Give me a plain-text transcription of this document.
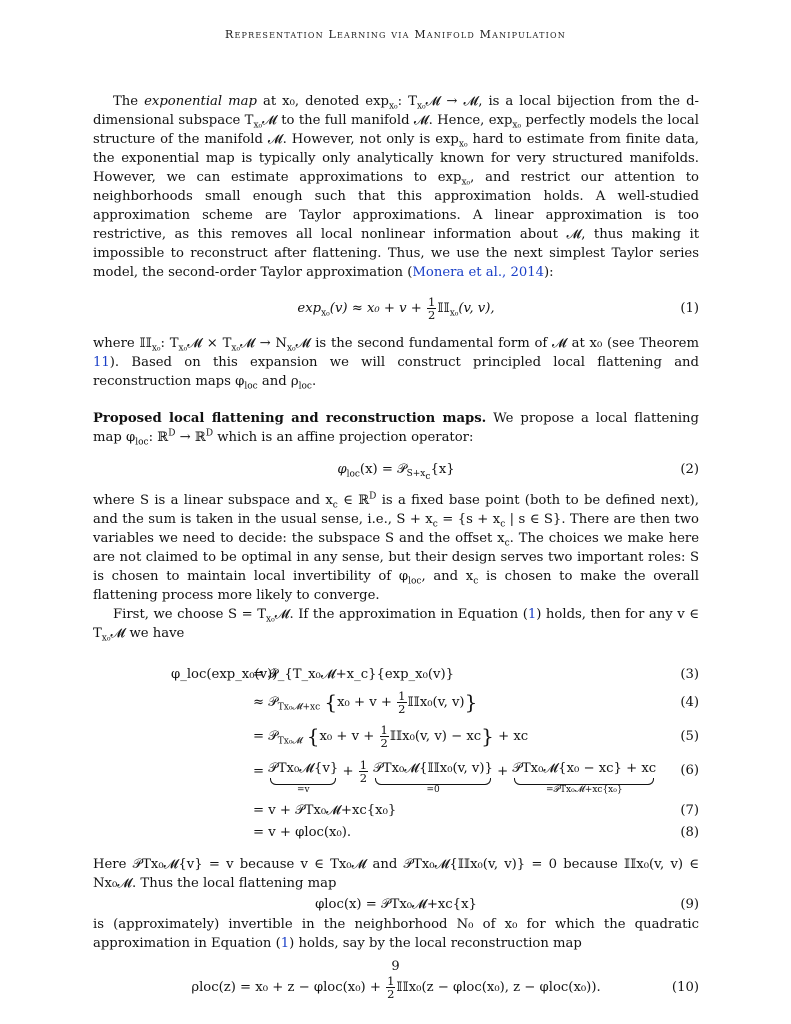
Representation Learning via Manifold Manipulation

The exponential map at x₀, denoted $\exp_{x_0}$: $T_{x_0}𝓜$ → 𝓜, is a local bijection from the d-dimensional subspace $T_{x_0}𝓜$ to the full manifold 𝓜. Hence, $\exp_{x_0}$ perfectly models the local structure of the manifold 𝓜. However, not only is $\exp_{x_0}$ hard to estimate from finite data, the exponential map is typically only analytically known for very structured manifolds. However, we can estimate approximations to $\exp_{x_0}$, and restrict our attention to neighborhoods small enough such that this approximation holds. A well-studied approximation scheme are Taylor approximations. A linear approximation is too restrictive, as this removes all local nonlinear information about 𝓜, thus making it impossible to reconstruct after flattening. Thus, we use the next simplest Taylor series model, the second-order Taylor approximation (Monera et al., 2014):

$\exp_{x_0}(v) \approx x_0 + v + \frac{1}{2}$ 𝕀𝕀$_{x_0}$(v, v),	(1)

where 𝕀𝕀$_{x_0}$: $T_{x_0}𝓜$ × $T_{x_0}𝓜$ → $N_{x_0}𝓜$ is the second fundamental form of 𝓜 at x₀ (see Theorem 11). Based on this expansion we will construct principled local flattening and reconstruction maps $\varphi_{loc}$ and $\rho_{loc}$.

Proposed local flattening and reconstruction maps. We propose a local flattening map $\varphi_{loc}$: ℝ$^D$ → ℝ$^D$ which is an affine projection operator:

$\varphi_{loc}(x)$ = 𝒫$_{S+x_c}${x}	(2)

where S is a linear subspace and $x_c$ ∈ ℝ$^D$ is a fixed base point (both to be defined next), and the sum is taken in the usual sense, i.e., $S + x_c = \{s + x_c$ | s ∈ S}. There are then two variables we need to decide: the subspace S and the offset $x_c$. The choices we make here are not claimed to be optimal in any sense, but their design serves two important roles: S is chosen to maintain local invertibility of $\varphi_{loc}$, and $x_c$ is chosen to make the overall flattening process more likely to converge.

First, we choose $S = T_{x_0}𝓜$. If the approximation in Equation (1) holds, then for any v ∈ $T_{x_0}𝓜$ we have

φ_loc(exp_x₀(v))
= 𝒫_{T_x₀𝓜+x_c}{exp_x₀(v)}	(3)
≈ 𝒫$_{Tx_0𝓜+xc}$ {$x_0 + v + \frac{1}{2}$ 𝕀𝕀x₀(v, v)}	(4)
= 𝒫$_{Tx_0𝓜}$ {$x_0 + v + \frac{1}{2}$ 𝕀𝕀x₀(v, v) − xc} + xc	(5)
= 𝒫Tx₀𝓜{v}
=v
+ $\frac{1}{2}$
𝒫Tx₀𝓜{𝕀𝕀x₀(v, v)}
=0
+ 𝒫Tx₀𝓜{x₀ − xc} + xc
=𝒫Tx₀𝓜+xc{x₀}
(6)
= v + 𝒫Tx₀𝓜+xc{x₀}	(7)
= v + φloc(x₀).	(8)

Here 𝒫Tx₀𝓜{v} = v because v ∈ Tx₀𝓜 and 𝒫Tx₀𝓜{𝕀𝕀x₀(v, v)} = 0 because 𝕀𝕀x₀(v, v) ∈ Nx₀𝓜. Thus the local flattening map

φloc(x) = 𝒫Tx₀𝓜+xc{x}	(9)

is (approximately) invertible in the neighborhood N₀ of x₀ for which the quadratic approximation in Equation (1) holds, say by the local reconstruction map

$\rho loc(z) = x_0 + z - \varphi loc(x_0) + \frac{1}{2}$ 𝕀𝕀x₀(z − φloc(x₀), z − φloc(x₀)).	(10)
9
